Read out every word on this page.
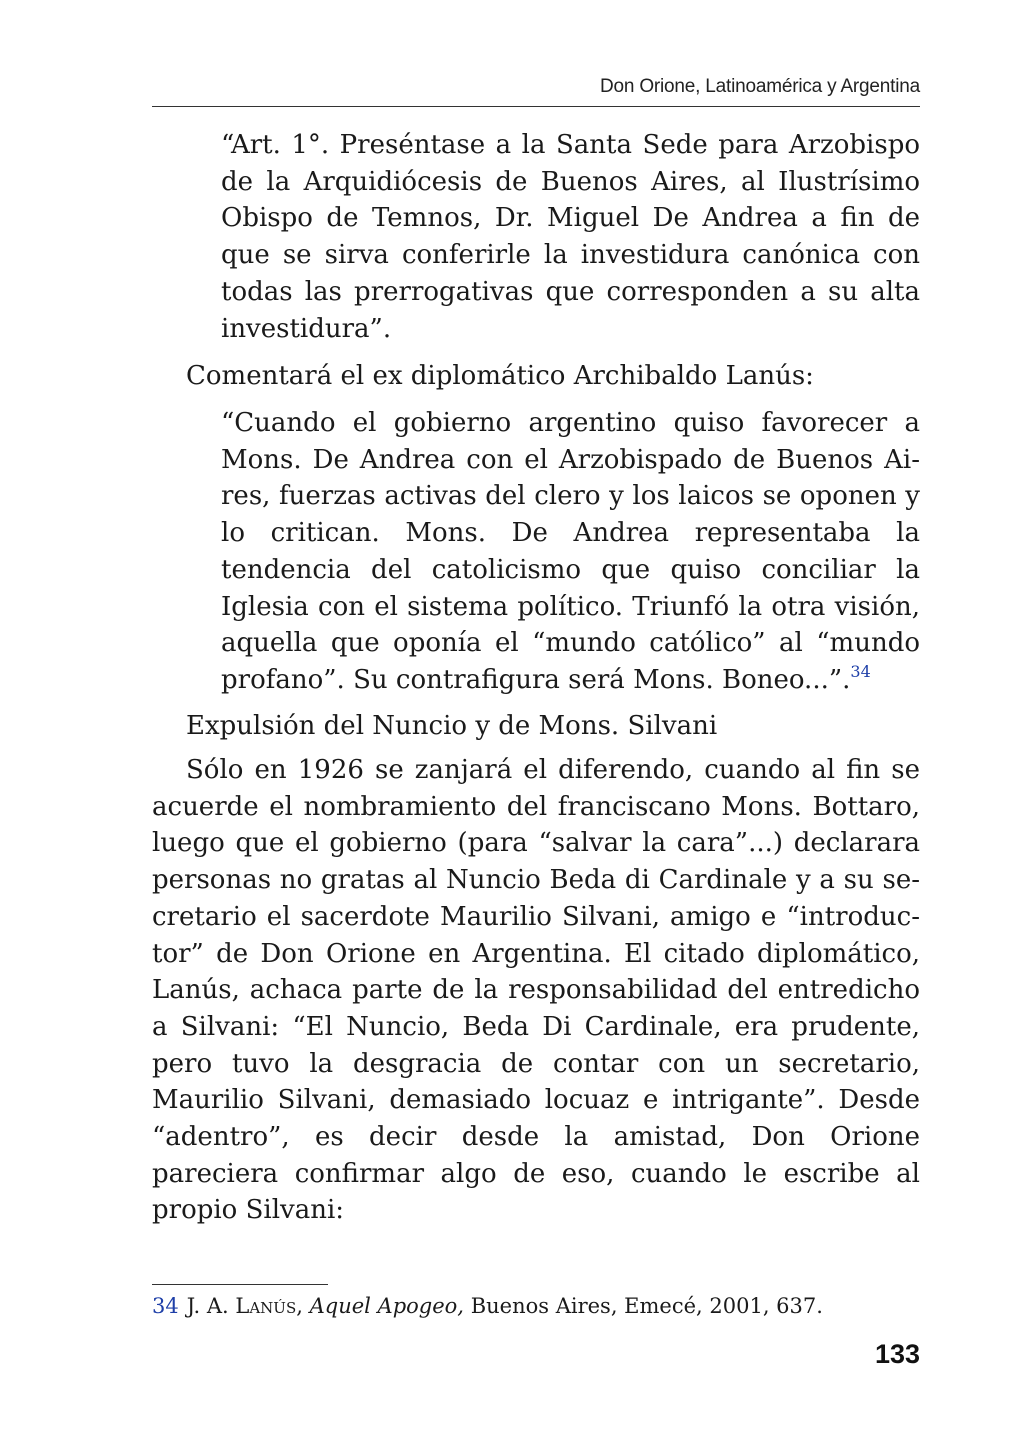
Don Orione, Latinoamérica y Argentina
“Art. 1°. Preséntase a la Santa Sede para Arzobispo de la Arquidiócesis de Buenos Aires, al Ilustrísimo Obispo de Temnos, Dr. Miguel De Andrea a fin de que se sirva conferirle la investidura canónica con todas las prerrogativas que corresponden a su alta investidura”.
Comentará el ex diplomático Archibaldo Lanús:
“Cuando el gobierno argentino quiso favorecer a Mons. De Andrea con el Arzobispado de Buenos Aires, fuerzas activas del clero y los laicos se oponen y lo critican. Mons. De Andrea representaba la tendencia del catolicismo que quiso conciliar la Iglesia con el sistema político. Triunfó la otra visión, aquella que oponía el “mundo católico” al “mundo profano”. Su contrafigura será Mons. Boneo...”.$^{34}$
Expulsión del Nuncio y de Mons. Silvani
Sólo en 1926 se zanjará el diferendo, cuando al fin se acuerde el nombramiento del franciscano Mons. Bottaro, luego que el gobierno (para “salvar la cara”...) declarara personas no gratas al Nuncio Beda di Cardinale y a su secretario el sacerdote Maurilio Silvani, amigo e “introductor” de Don Orione en Argentina. El citado diplomático, Lanús, achaca parte de la responsabilidad del entredicho a Silvani: “El Nuncio, Beda Di Cardinale, era prudente, pero tuvo la desgracia de contar con un secretario, Maurilio Silvani, demasiado locuaz e intrigante”. Desde “adentro”, es decir desde la amistad, Don Orione pareciera confirmar algo de eso, cuando le escribe al propio Silvani:
34 J. A. Lanús, Aquel Apogeo, Buenos Aires, Emecé, 2001, 637.
133
